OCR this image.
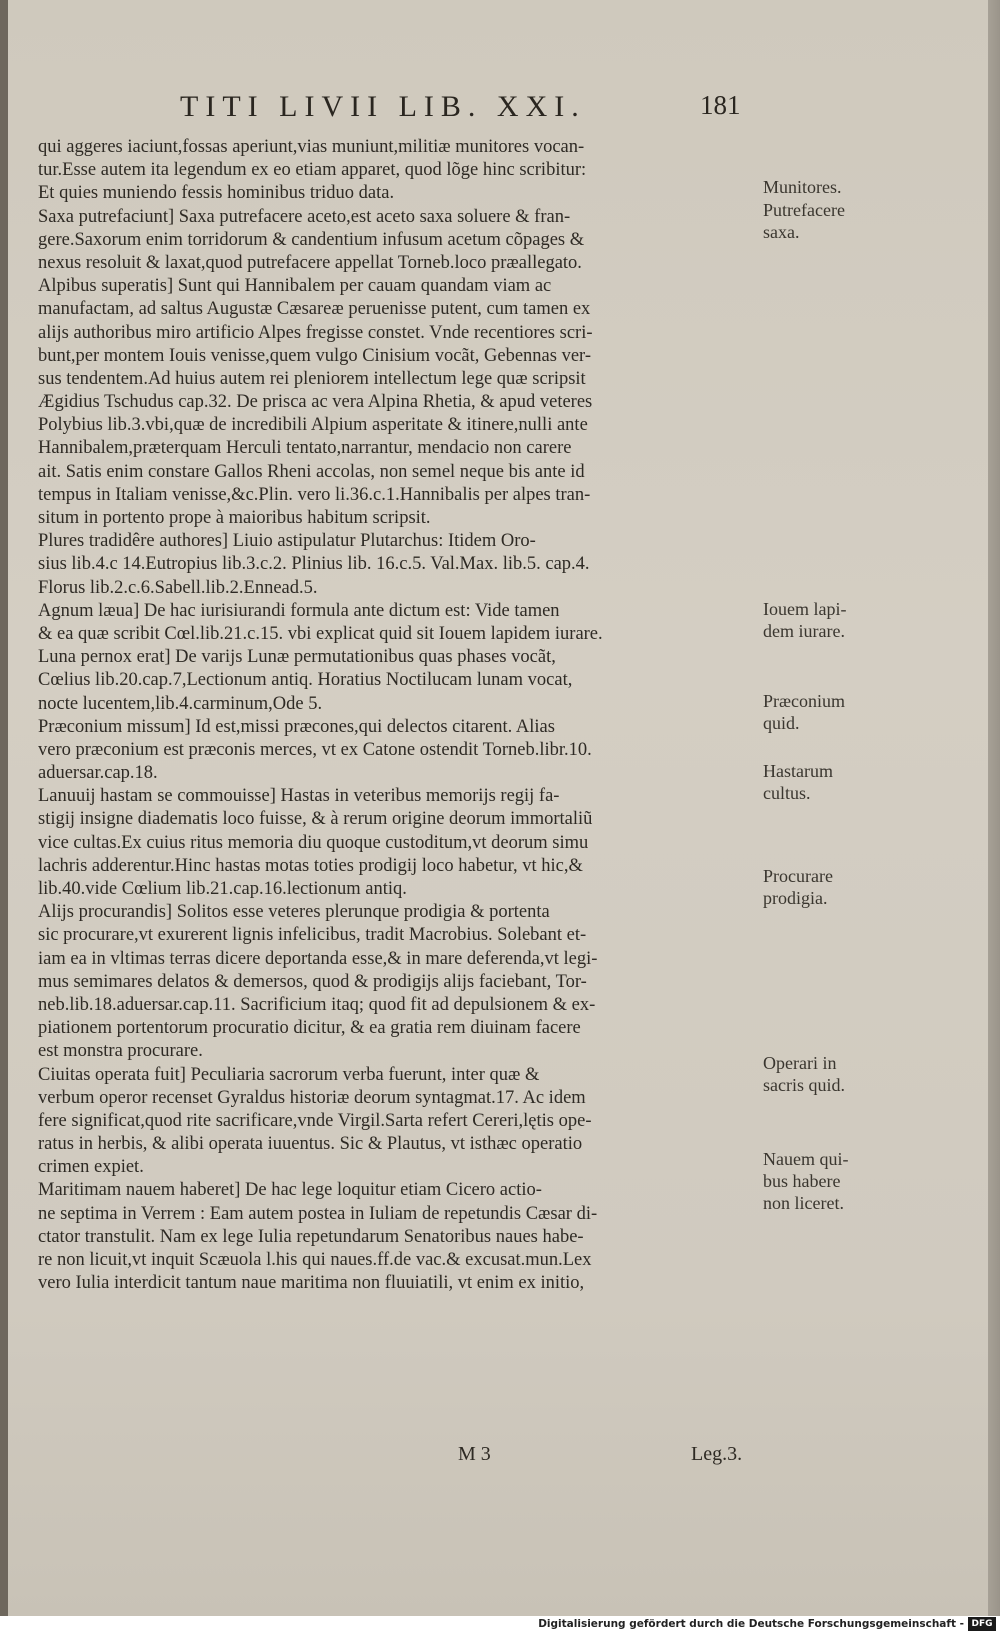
TITI LIVII LIB. XXI.	181
qui aggeres iaciunt,fossas aperiunt,vias muniunt,militiæ munitores vocan-
tur.Esse autem ita legendum ex eo etiam apparet, quod lõge hinc scribitur:
Et quies muniendo fessis hominibus triduo data.
Saxa putrefaciunt] Saxa putrefacere aceto,est aceto saxa soluere & fran-
gere.Saxorum enim torridorum & candentium infusum acetum cõpages &
nexus resoluit & laxat,quod putrefacere appellat Torneb.loco præallegato.
Alpibus superatis] Sunt qui Hannibalem per cauam quandam viam ac
manufactam, ad saltus Augustæ Cæsareæ peruenisse putent, cum tamen ex
alijs authoribus miro artificio Alpes fregisse constet. Vnde recentiores scri-
bunt,per montem Iouis venisse,quem vulgo Cinisium vocãt, Gebennas ver-
sus tendentem.Ad huius autem rei pleniorem intellectum lege quæ scripsit
Ægidius Tschudus cap.32. De prisca ac vera Alpina Rhetia, & apud veteres
Polybius lib.3.vbi,quæ de incredibili Alpium asperitate & itinere,nulli ante
Hannibalem,præterquam Herculi tentato,narrantur, mendacio non carere
ait. Satis enim constare Gallos Rheni accolas, non semel neque bis ante id
tempus in Italiam venisse,&c.Plin. vero li.36.c.1.Hannibalis per alpes tran-
situm in portento prope à maioribus habitum scripsit.
Plures tradidêre authores] Liuio astipulatur Plutarchus: Itidem Oro-
sius lib.4.c 14.Eutropius lib.3.c.2. Plinius lib. 16.c.5. Val.Max. lib.5. cap.4.
Florus lib.2.c.6.Sabell.lib.2.Ennead.5.
Agnum læua] De hac iurisiurandi formula ante dictum est: Vide tamen
& ea quæ scribit Cœl.lib.21.c.15. vbi explicat quid sit Iouem lapidem iurare.
Luna pernox erat] De varijs Lunæ permutationibus quas phases vocãt,
Cœlius lib.20.cap.7,Lectionum antiq. Horatius Noctilucam lunam vocat,
nocte lucentem,lib.4.carminum,Ode 5.
Præconium missum] Id est,missi præcones,qui delectos citarent. Alias
vero præconium est præconis merces, vt ex Catone ostendit Torneb.libr.10.
aduersar.cap.18.
Lanuuij hastam se commouisse] Hastas in veteribus memorijs regij fa-
stigij insigne diadematis loco fuisse, & à rerum origine deorum immortaliũ
vice cultas.Ex cuius ritus memoria diu quoque custoditum,vt deorum simu
lachris adderentur.Hinc hastas motas toties prodigij loco habetur, vt hic,&
lib.40.vide Cœlium lib.21.cap.16.lectionum antiq.
Alijs procurandis] Solitos esse veteres plerunque prodigia & portenta
sic procurare,vt exurerent lignis infelicibus, tradit Macrobius. Solebant et-
iam ea in vltimas terras dicere deportanda esse,& in mare deferenda,vt legi-
mus semimares delatos & demersos, quod & prodigijs alijs faciebant, Tor-
neb.lib.18.aduersar.cap.11. Sacrificium itaq; quod fit ad depulsionem & ex-
piationem portentorum procuratio dicitur, & ea gratia rem diuinam facere
est monstra procurare.
Ciuitas operata fuit] Peculiaria sacrorum verba fuerunt, inter quæ &
verbum operor recenset Gyraldus historiæ deorum syntagmat.17. Ac idem
fere significat,quod rite sacrificare,vnde Virgil.Sarta refert Cereri,lętis ope-
ratus in herbis, & alibi operata iuuentus. Sic & Plautus, vt isthæc operatio
crimen expiet.
Maritimam nauem haberet] De hac lege loquitur etiam Cicero actio-
ne septima in Verrem : Eam autem postea in Iuliam de repetundis Cæsar di-
ctator transtulit. Nam ex lege Iulia repetundarum Senatoribus naues habe-
re non licuit,vt inquit Scæuola l.his qui naues.ff.de vac.& excusat.mun.Lex
vero Iulia interdicit tantum naue maritima non fluuiatili, vt enim ex initio,
Munitores.
Putrefacere
saxa.
Iouem lapi-
dem iurare.
Præconium
quid.
Hastarum
cultus.
Procurare
prodigia.
Operari in
sacris quid.
Nauem qui-
bus habere
non liceret.
M 3	Leg.3.
Digitalisierung gefördert durch die Deutsche Forschungsgemeinschaft - DFG
